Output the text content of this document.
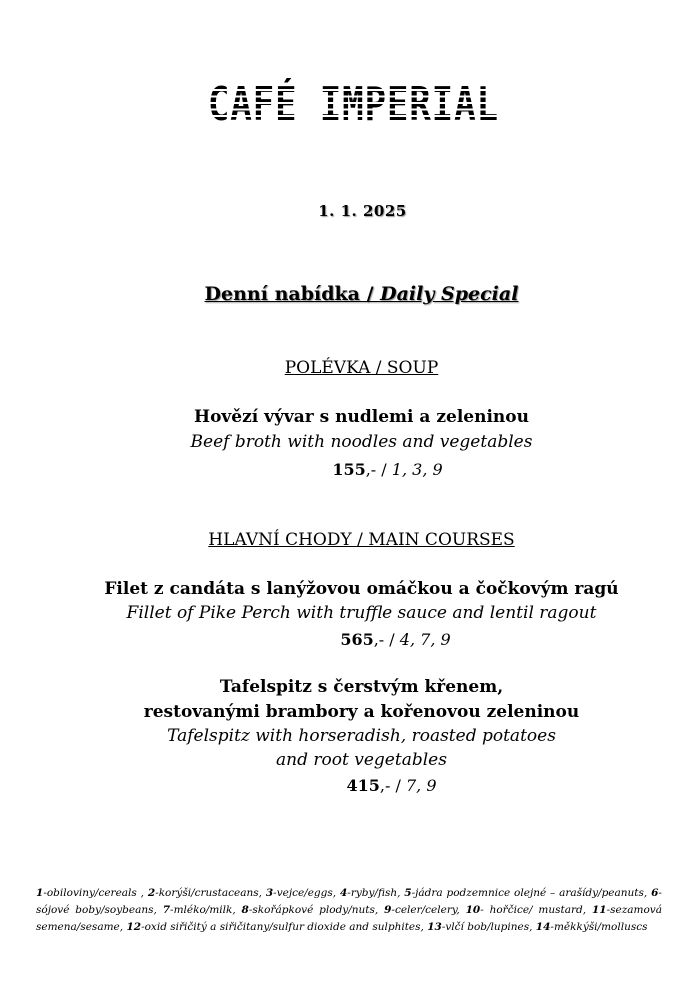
CAFÉ IMPERIAL
1. 1. 2025
Denní nabídka / Daily Special
POLÉVKA / SOUP
Hovězí vývar s nudlemi a zeleninou
Beef broth with noodles and vegetables
155,- / 1, 3, 9
HLAVNÍ CHODY / MAIN COURSES
Filet z candáta s lanýžovou omáčkou a čočkovým ragú
Fillet of Pike Perch with truffle sauce and lentil ragout
565,- / 4, 7, 9
Tafelspitz s čerstvým křenem,
restovanými brambory a kořenovou zeleninou
Tafelspitz with horseradish, roasted potatoes
and root vegetables
415,- / 7, 9
1-obiloviny/cereals , 2-korýši/crustaceans, 3-vejce/eggs, 4-ryby/fish, 5-jádra podzemnice olejné – arašídy/peanuts, 6-sójové boby/soybeans, 7-mléko/milk, 8-skořápkové plody/nuts, 9-celer/celery, 10- hořčice/ mustard, 11-sezamová semena/sesame, 12-oxid siřičitý a siřičitany/sulfur dioxide and sulphites, 13-vlčí bob/lupines, 14-měkkýši/molluscs
